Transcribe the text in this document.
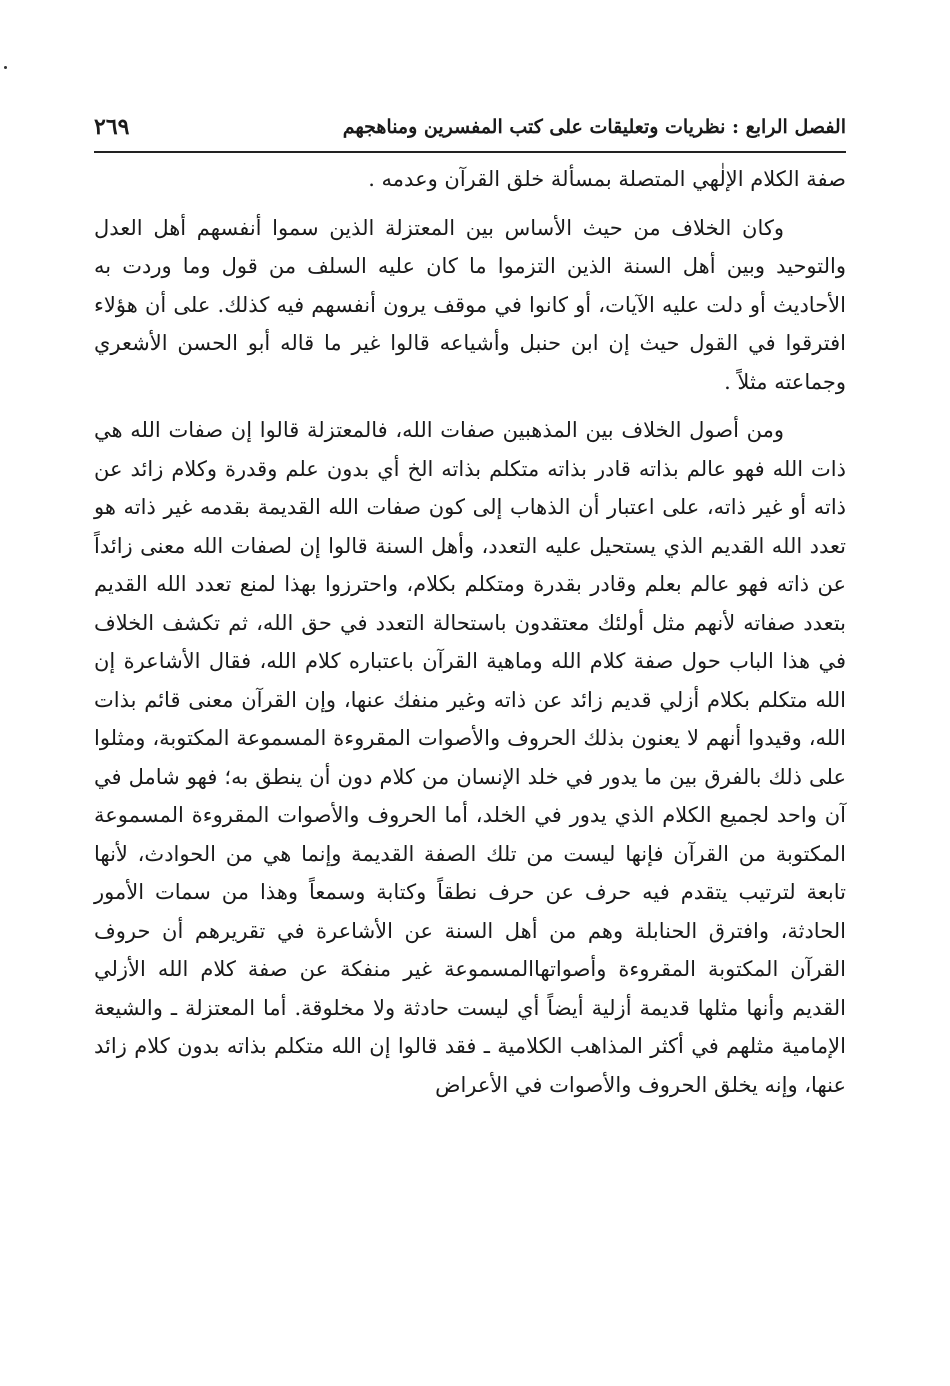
الفصل الرابع : نظريات وتعليقات على كتب المفسرين ومناهجهم
٢٦٩

صفة الكلام الإلٰهي المتصلة بمسألة خلق القرآن وعدمه .

وكان الخلاف من حيث الأساس بين المعتزلة الذين سموا أنفسهم أهل العدل والتوحيد وبين أهل السنة الذين التزموا ما كان عليه السلف من قول وما وردت به الأحاديث أو دلت عليه الآيات، أو كانوا في موقف يرون أنفسهم فيه كذلك. على أن هؤلاء افترقوا في القول حيث إن ابن حنبل وأشياعه قالوا غير ما قاله أبو الحسن الأشعري وجماعته مثلاً .

ومن أصول الخلاف بين المذهبين صفات الله، فالمعتزلة قالوا إن صفات الله هي ذات الله فهو عالم بذاته قادر بذاته متكلم بذاته الخ أي بدون علم وقدرة وكلام زائد عن ذاته أو غير ذاته، على اعتبار أن الذهاب إلى كون صفات الله القديمة بقدمه غير ذاته هو تعدد الله القديم الذي يستحيل عليه التعدد، وأهل السنة قالوا إن لصفات الله معنى زائداً عن ذاته فهو عالم بعلم وقادر بقدرة ومتكلم بكلام، واحترزوا بهذا لمنع تعدد الله القديم بتعدد صفاته لأنهم مثل أولئك معتقدون باستحالة التعدد في حق الله، ثم تكشف الخلاف في هذا الباب حول صفة كلام الله وماهية القرآن باعتباره كلام الله، فقال الأشاعرة إن الله متكلم بكلام أزلي قديم زائد عن ذاته وغير منفك عنها، وإن القرآن معنى قائم بذات الله، وقيدوا أنهم لا يعنون بذلك الحروف والأصوات المقروءة المسموعة المكتوبة، ومثلوا على ذلك بالفرق بين ما يدور في خلد الإنسان من كلام دون أن ينطق به؛ فهو شامل في آن واحد لجميع الكلام الذي يدور في الخلد، أما الحروف والأصوات المقروءة المسموعة المكتوبة من القرآن فإنها ليست من تلك الصفة القديمة وإنما هي من الحوادث، لأنها تابعة لترتيب يتقدم فيه حرف عن حرف نطقاً وكتابة وسمعاً وهذا من سمات الأمور الحادثة، وافترق الحنابلة وهم من أهل السنة عن الأشاعرة في تقريرهم أن حروف القرآن المكتوبة المقروءة وأصواتهاالمسموعة غير منفكة عن صفة كلام الله الأزلي القديم وأنها مثلها قديمة أزلية أيضاً أي ليست حادثة ولا مخلوقة. أما المعتزلة ـ والشيعة الإمامية مثلهم في أكثر المذاهب الكلامية ـ فقد قالوا إن الله متكلم بذاته بدون كلام زائد عنها، وإنه يخلق الحروف والأصوات في الأعراض
